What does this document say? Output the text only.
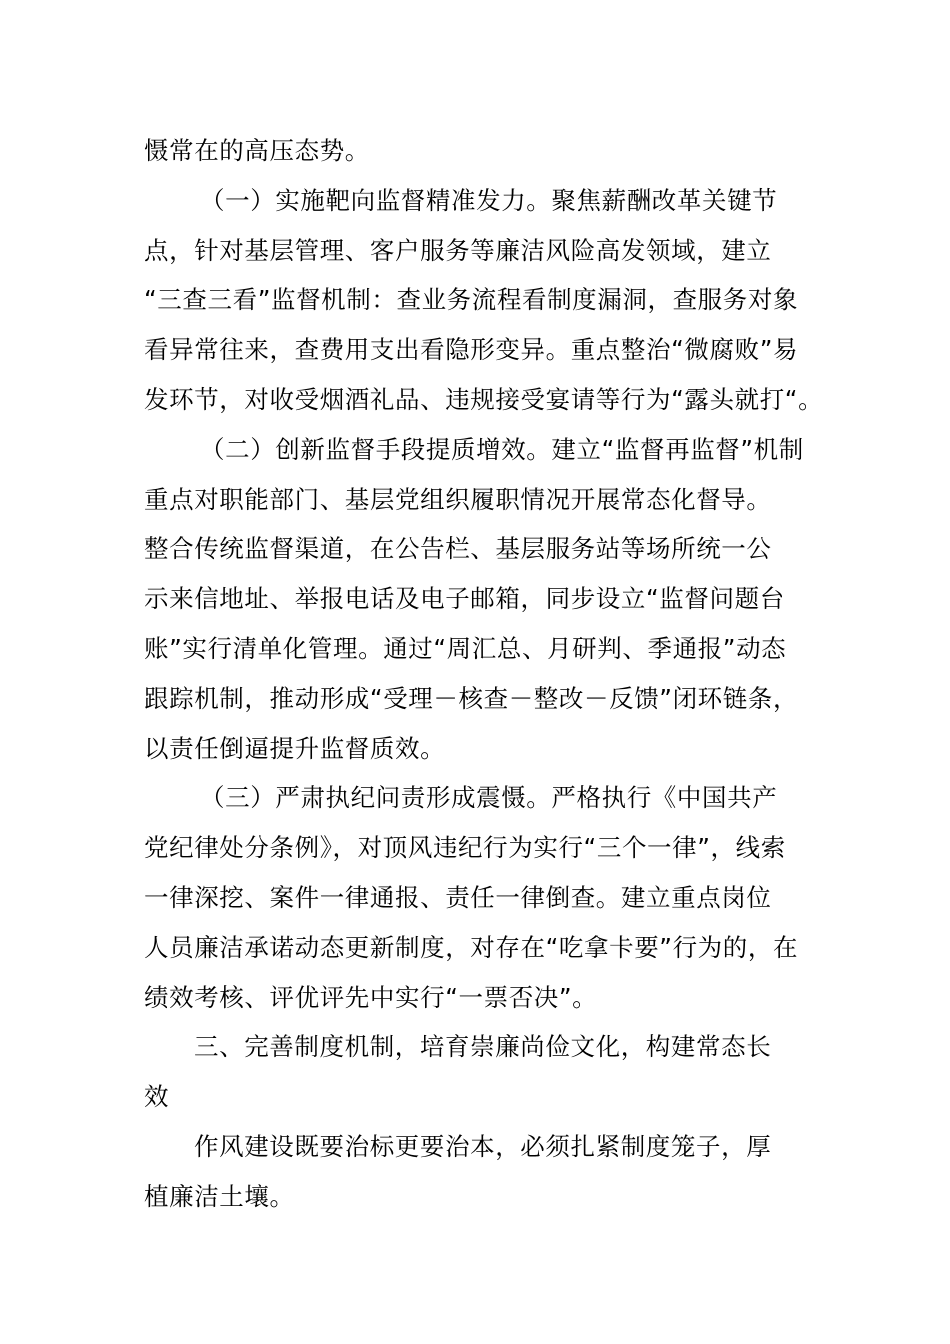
慑常在的高压态势。
（一）实施靶向监督精准发力。聚焦薪酬改革关键节
点，针对基层管理、客户服务等廉洁风险高发领域，建立
“三查三看”监督机制：查业务流程看制度漏洞，查服务对象
看异常往来，查费用支出看隐形变异。重点整治“微腐败”易
发环节，对收受烟酒礼品、违规接受宴请等行为“露头就打“。
（二）创新监督手段提质增效。建立“监督再监督”机制
重点对职能部门、基层党组织履职情况开展常态化督导。
整合传统监督渠道，在公告栏、基层服务站等场所统一公
示来信地址、举报电话及电子邮箱，同步设立“监督问题台
账”实行清单化管理。通过“周汇总、月研判、季通报”动态
跟踪机制，推动形成“受理－核查－整改－反馈”闭环链条，
以责任倒逼提升监督质效。
（三）严肃执纪问责形成震慑。严格执行《中国共产
党纪律处分条例》，对顶风违纪行为实行“三个一律”，线索
一律深挖、案件一律通报、责任一律倒查。建立重点岗位
人员廉洁承诺动态更新制度，对存在“吃拿卡要”行为的，在
绩效考核、评优评先中实行“一票否决”。
三、完善制度机制，培育崇廉尚俭文化，构建常态长
效
作风建设既要治标更要治本，必须扎紧制度笼子，厚
植廉洁土壤。
